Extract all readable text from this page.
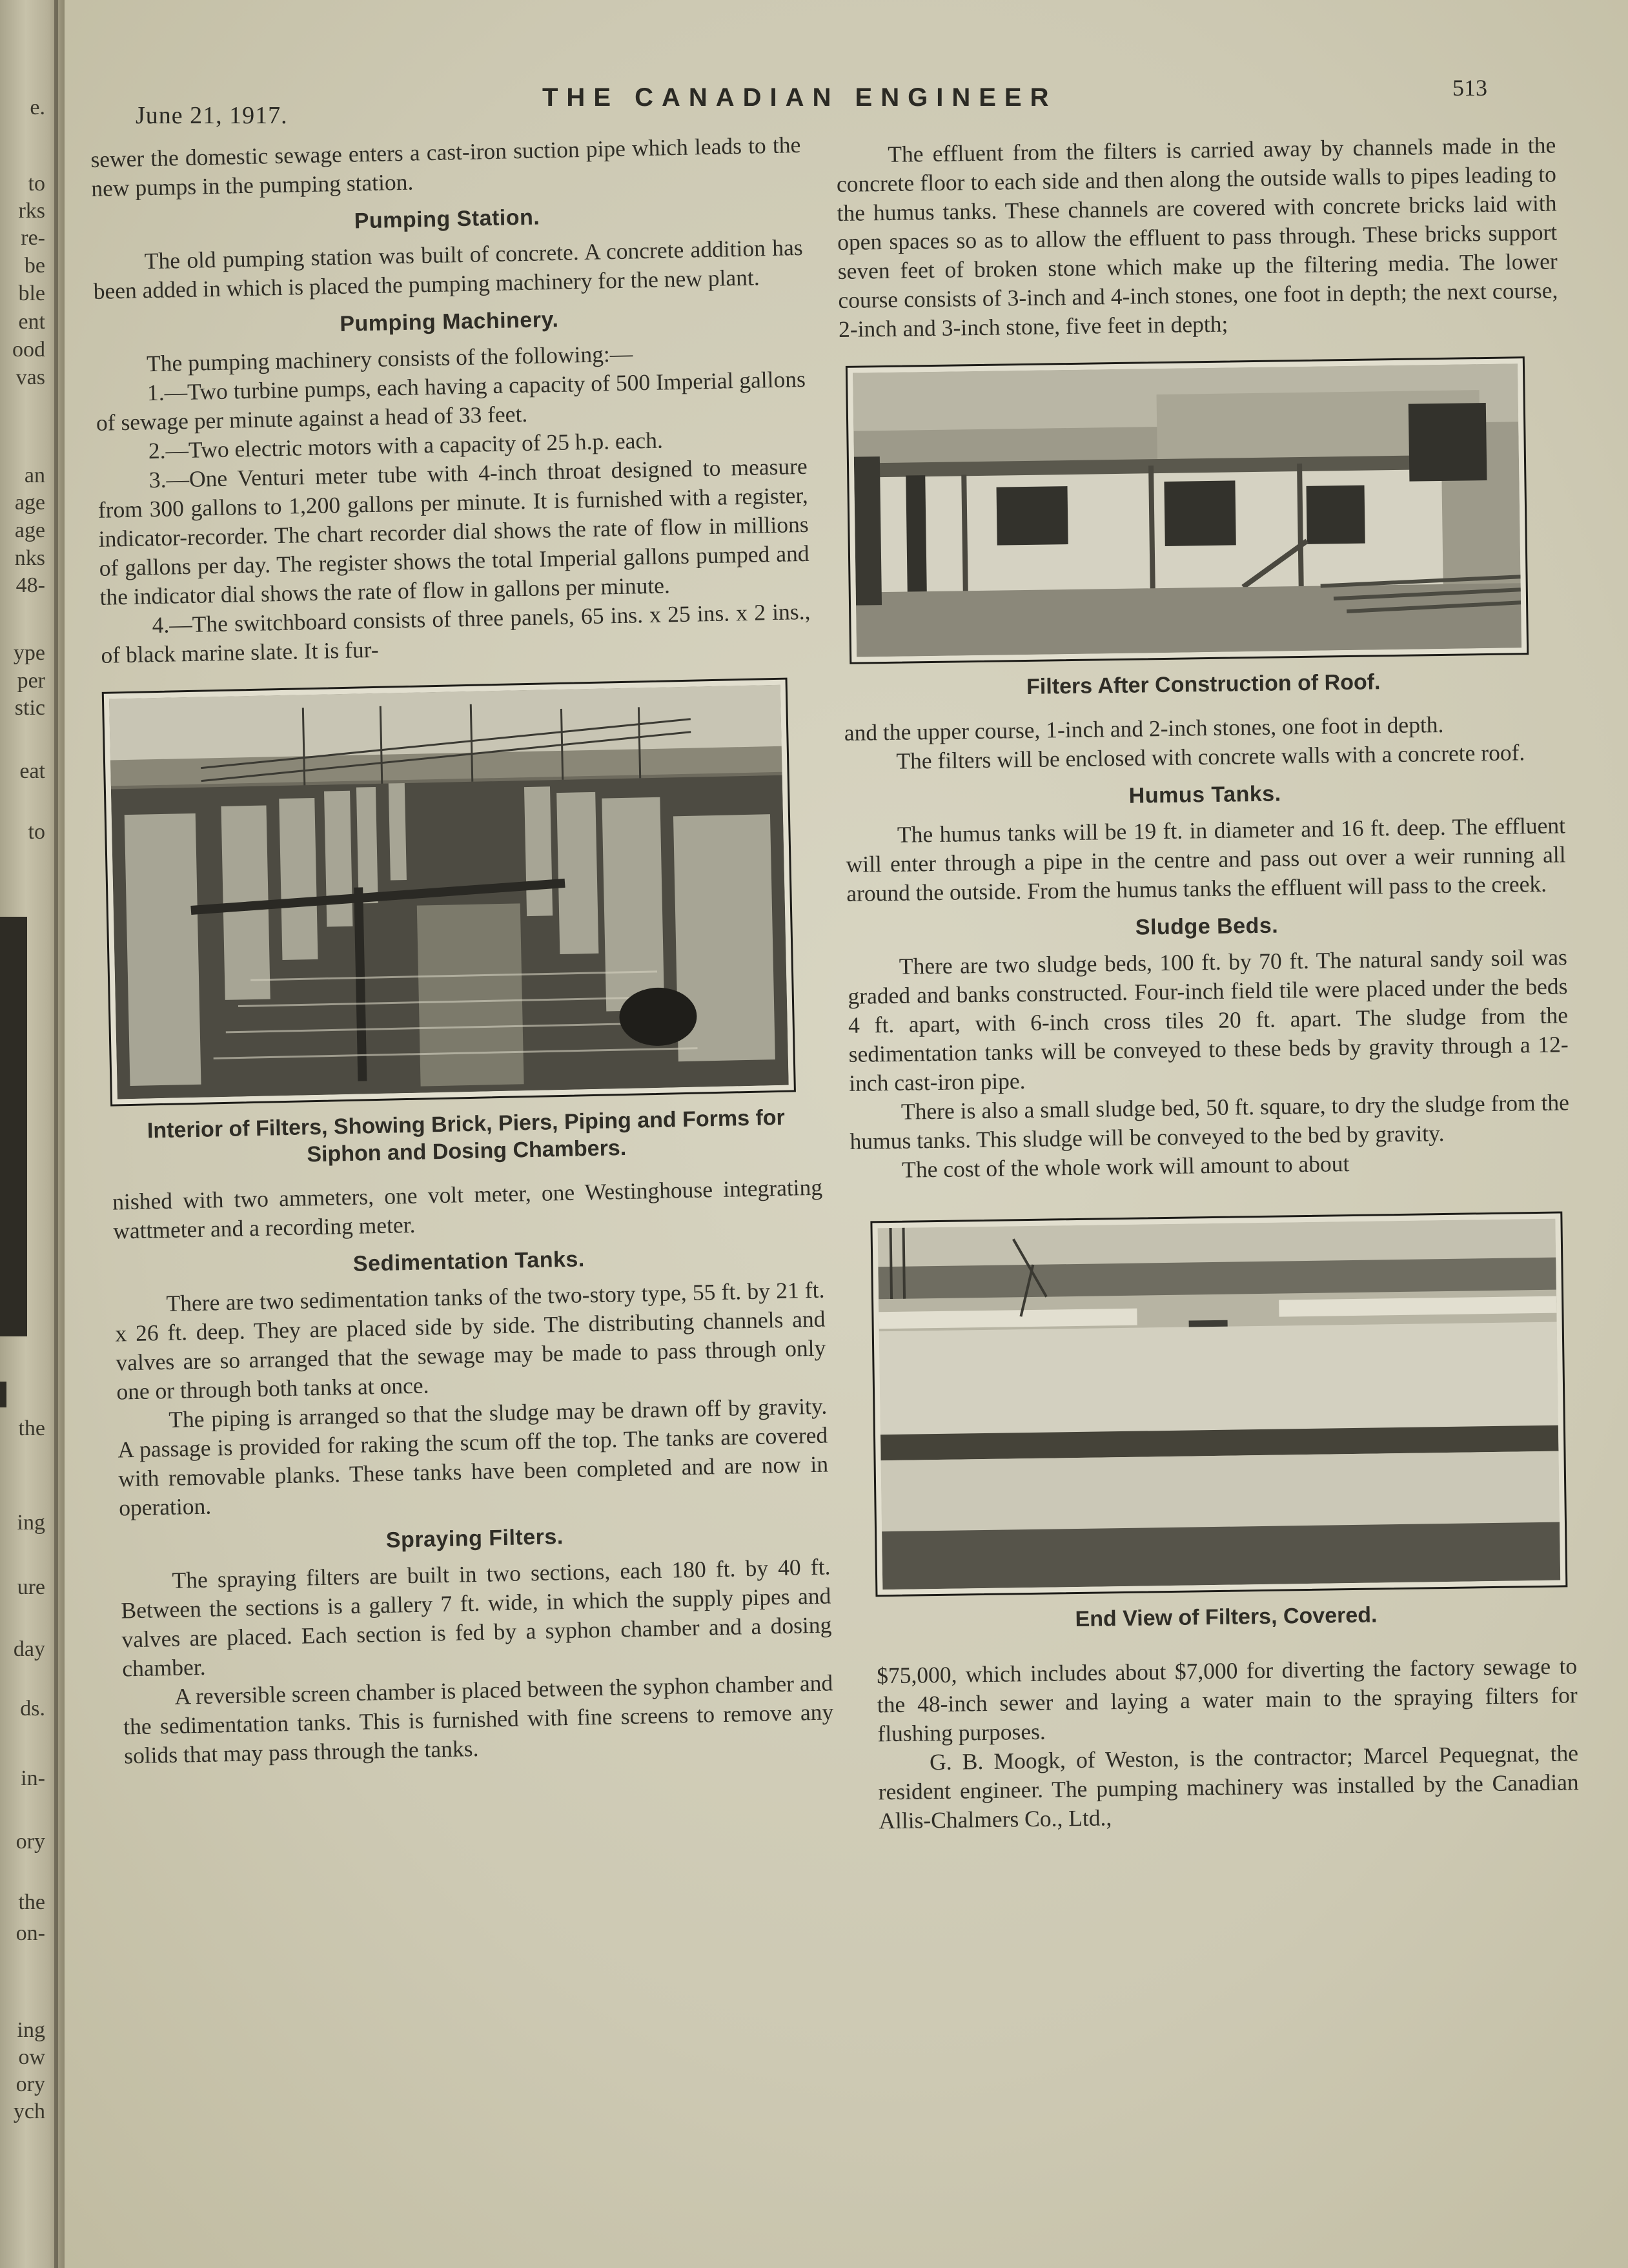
e.
to
rks
re-
be
ble
ent
ood
vas
an
age
age
nks
48-
ype
per
stic
eat
to
the
ing
ure
day
ds.
in-
ory
the
on-
ing
ow
ory
ych
June 21, 1917.
THE CANADIAN ENGINEER	513

sewer the domestic sewage enters a cast-iron suction pipe which leads to the new pumps in the pumping station.

Pumping Station.

The old pumping station was built of concrete. A concrete addition has been added in which is placed the pumping machinery for the new plant.

Pumping Machinery.

The pumping machinery consists of the following:—

1.—Two turbine pumps, each having a capacity of 500 Imperial gallons of sewage per minute against a head of 33 feet.

2.—Two electric motors with a capacity of 25 h.p. each.

3.—One Venturi meter tube with 4-inch throat designed to measure from 300 gallons to 1,200 gallons per minute. It is furnished with a register, indicator-recorder. The chart recorder dial shows the rate of flow in millions of gallons per day. The register shows the total Imperial gallons pumped and the indicator dial shows the rate of flow in gallons per minute.

4.—The switchboard consists of three panels, 65 ins. x 25 ins. x 2 ins., of black marine slate. It is fur-

Interior of Filters, Showing Brick, Piers, Piping and Forms for Siphon and Dosing Chambers.

nished with two ammeters, one volt meter, one Westinghouse integrating wattmeter and a recording meter.

Sedimentation Tanks.

There are two sedimentation tanks of the two-story type, 55 ft. by 21 ft. x 26 ft. deep. They are placed side by side. The distributing channels and valves are so arranged that the sewage may be made to pass through only one or through both tanks at once.

The piping is arranged so that the sludge may be drawn off by gravity. A passage is provided for raking the scum off the top. The tanks are covered with removable planks. These tanks have been completed and are now in operation.

Spraying Filters.

The spraying filters are built in two sections, each 180 ft. by 40 ft. Between the sections is a gallery 7 ft. wide, in which the supply pipes and valves are placed. Each section is fed by a syphon chamber and a dosing chamber.

A reversible screen chamber is placed between the syphon chamber and the sedimentation tanks. This is furnished with fine screens to remove any solids that may pass through the tanks.

The effluent from the filters is carried away by channels made in the concrete floor to each side and then along the outside walls to pipes leading to the humus tanks. These channels are covered with concrete bricks laid with open spaces so as to allow the effluent to pass through. These bricks support seven feet of broken stone which make up the filtering media. The lower course consists of 3-inch and 4-inch stones, one foot in depth; the next course, 2-inch and 3-inch stone, five feet in depth;

Filters After Construction of Roof.

and the upper course, 1-inch and 2-inch stones, one foot in depth.

The filters will be enclosed with concrete walls with a concrete roof.

Humus Tanks.

The humus tanks will be 19 ft. in diameter and 16 ft. deep. The effluent will enter through a pipe in the centre and pass out over a weir running all around the outside. From the humus tanks the effluent will pass to the creek.

Sludge Beds.

There are two sludge beds, 100 ft. by 70 ft. The natural sandy soil was graded and banks constructed. Four-inch field tile were placed under the beds 4 ft. apart, with 6-inch cross tiles 20 ft. apart. The sludge from the sedimentation tanks will be conveyed to these beds by gravity through a 12-inch cast-iron pipe.

There is also a small sludge bed, 50 ft. square, to dry the sludge from the humus tanks. This sludge will be conveyed to the bed by gravity.

The cost of the whole work will amount to about

End View of Filters, Covered.

$75,000, which includes about $7,000 for diverting the factory sewage to the 48-inch sewer and laying a water main to the spraying filters for flushing purposes.

G. B. Moogk, of Weston, is the contractor; Marcel Pequegnat, the resident engineer. The pumping machinery was installed by the Canadian Allis-Chalmers Co., Ltd.,
